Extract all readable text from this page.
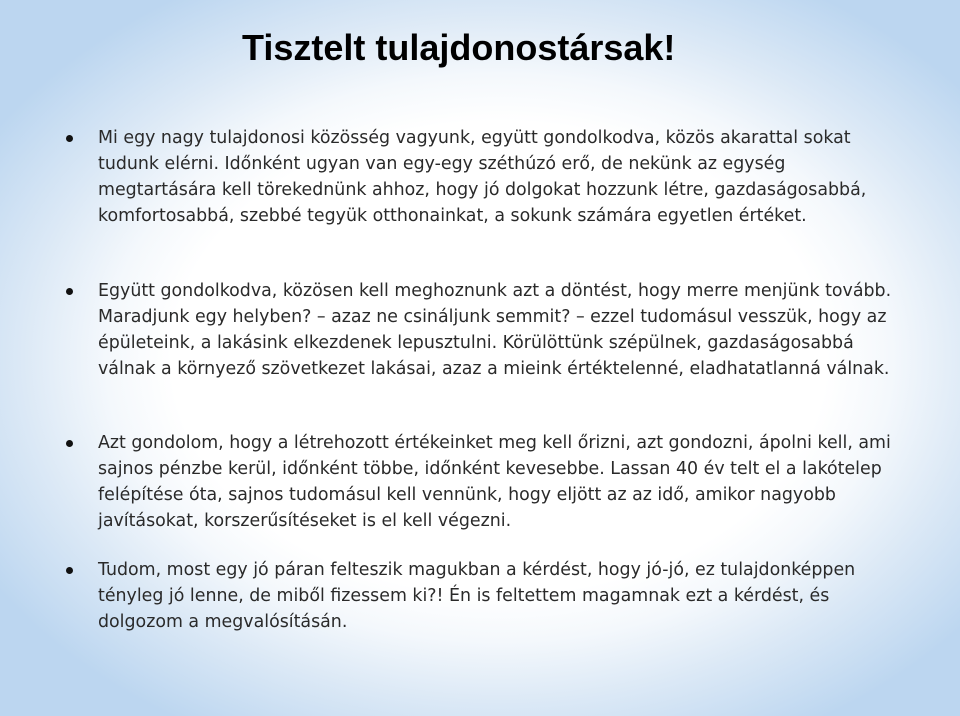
Tisztelt tulajdonostársak!

Mi egy nagy tulajdonosi közösség vagyunk, együtt gondolkodva, közös akarattal sokat tudunk elérni. Időnként ugyan van egy-egy széthúzó erő, de nekünk az egység megtartására kell törekednünk ahhoz, hogy jó dolgokat hozzunk létre, gazdaságosabbá, komfortosabbá, szebbé tegyük otthonainkat, a sokunk számára egyetlen értéket.

Együtt gondolkodva, közösen kell meghoznunk azt a döntést, hogy merre menjünk tovább. Maradjunk egy helyben? – azaz ne csináljunk semmit? – ezzel tudomásul vesszük, hogy az épületeink, a lakásink elkezdenek lepusztulni. Körülöttünk szépülnek, gazdaságosabbá válnak a környező szövetkezet lakásai, azaz a mieink értéktelenné, eladhatatlanná válnak.

Azt gondolom, hogy a létrehozott értékeinket meg kell őrizni, azt gondozni, ápolni kell, ami sajnos pénzbe kerül, időnként többe, időnként kevesebbe. Lassan 40 év telt el a lakótelep felépítése óta, sajnos tudomásul kell vennünk, hogy eljött az az idő, amikor nagyobb javításokat, korszerűsítéseket is el kell végezni.

Tudom, most egy jó páran felteszik magukban a kérdést, hogy jó-jó, ez tulajdonképpen tényleg jó lenne, de miből fizessem ki?! Én is feltettem magamnak ezt a kérdést, és dolgozom a megvalósításán.
